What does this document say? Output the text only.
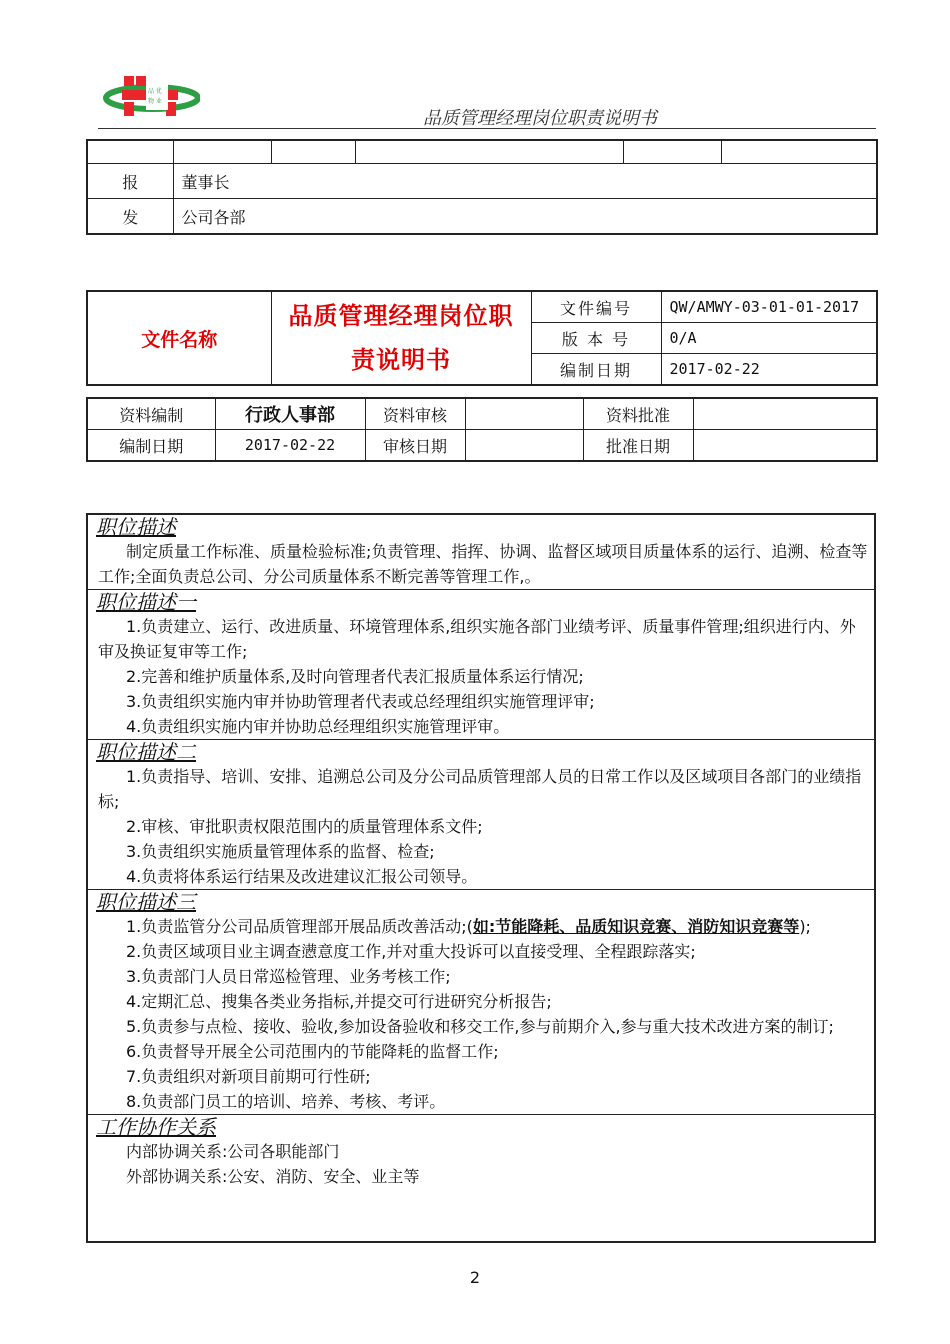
品 优
物 业
品质管理经理岗位职责说明书

报	董事长				
发	公司各部				
文件名称	品质管理经理岗位职责说明书	文件编号	QW/AMWY-03-01-01-2017
		版 本 号	0/A
		编制日期	2017-02-22
资料编制	行政人事部	资料审核		资料批准	
编制日期	2017-02-22	审核日期		批准日期	
职位描述
制定质量工作标准、质量检验标准;负责管理、指挥、协调、监督区域项目质量体系的运行、追溯、检查等工作;全面负责总公司、分公司质量体系不断完善等管理工作,。
职位描述一
1.负责建立、运行、改进质量、环境管理体系,组织实施各部门业绩考评、质量事件管理;组织进行内、外审及换证复审等工作;
2.完善和维护质量体系,及时向管理者代表汇报质量体系运行情况;
3.负责组织实施内审并协助管理者代表或总经理组织实施管理评审;
4.负责组织实施内审并协助总经理组织实施管理评审。
职位描述二
1.负责指导、培训、安排、追溯总公司及分公司品质管理部人员的日常工作以及区域项目各部门的业绩指标;
2.审核、审批职责权限范围内的质量管理体系文件;
3.负责组织实施质量管理体系的监督、检查;
4.负责将体系运行结果及改进建议汇报公司领导。
职位描述三
1.负责监管分公司品质管理部开展品质改善活动;(如:节能降耗、品质知识竞赛、消防知识竞赛等);
2.负责区域项目业主调查懑意度工作,并对重大投诉可以直接受理、全程跟踪落实;
3.负责部门人员日常巡检管理、业务考核工作;
4.定期汇总、搜集各类业务指标,并提交可行进研究分析报告;
5.负责参与点检、接收、验收,参加设备验收和移交工作,参与前期介入,参与重大技术改进方案的制订;
6.负责督导开展全公司范围内的节能降耗的监督工作;
7.负责组织对新项目前期可行性研;
8.负责部门员工的培训、培养、考核、考评。
工作协作关系
内部协调关系:公司各职能部门
外部协调关系:公安、消防、安全、业主等
2
